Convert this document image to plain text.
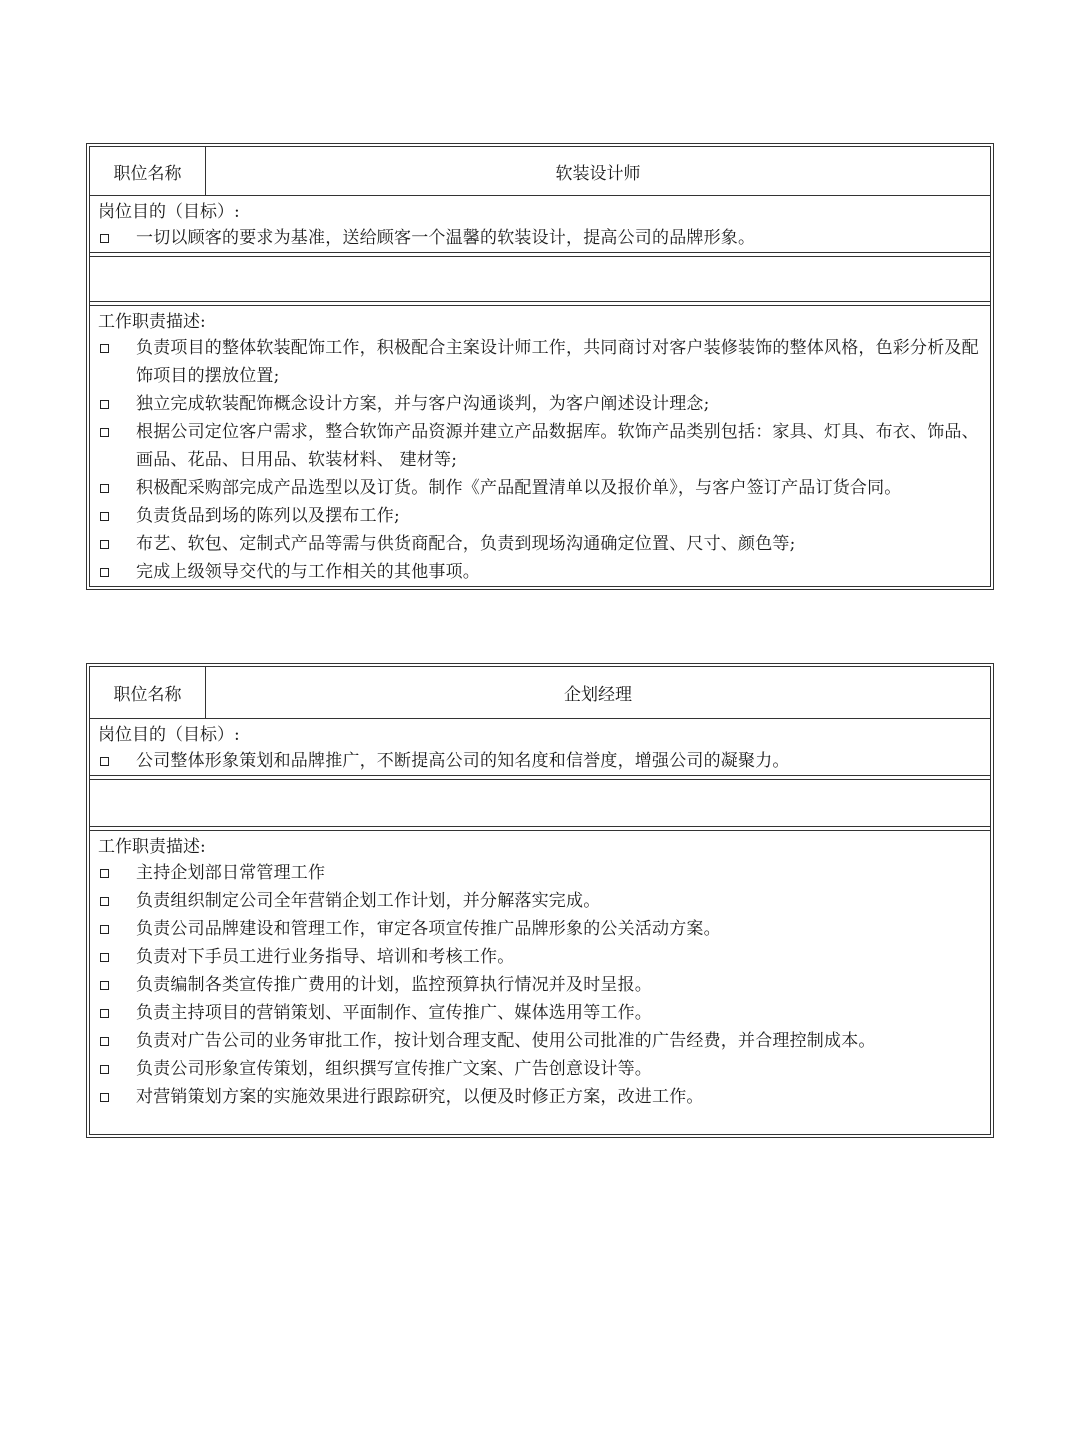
职位名称	软装设计师
岗位目的（目标）:
一切以顾客的要求为基准，送给顾客一个温馨的软装设计，提高公司的品牌形象。
工作职责描述:
负责项目的整体软装配饰工作，积极配合主案设计师工作，共同商讨对客户装修装饰的整体风格，色彩分析及配饰项目的摆放位置;
独立完成软装配饰概念设计方案，并与客户沟通谈判，为客户阐述设计理念;
根据公司定位客户需求，整合软饰产品资源并建立产品数据库。软饰产品类别包括：家具、灯具、布衣、饰品、画品、花品、日用品、软装材料、 建材等;
积极配采购部完成产品选型以及订货。制作《产品配置清单以及报价单》，与客户签订产品订货合同。
负责货品到场的陈列以及摆布工作;
布艺、软包、定制式产品等需与供货商配合，负责到现场沟通确定位置、尺寸、颜色等;
完成上级领导交代的与工作相关的其他事项。
职位名称	企划经理
岗位目的（目标）:
公司整体形象策划和品牌推广，不断提高公司的知名度和信誉度，增强公司的凝聚力。
工作职责描述:
主持企划部日常管理工作
负责组织制定公司全年营销企划工作计划，并分解落实完成。
负责公司品牌建设和管理工作，审定各项宣传推广品牌形象的公关活动方案。
负责对下手员工进行业务指导、培训和考核工作。
负责编制各类宣传推广费用的计划，监控预算执行情况并及时呈报。
负责主持项目的营销策划、平面制作、宣传推广、媒体选用等工作。
负责对广告公司的业务审批工作，按计划合理支配、使用公司批准的广告经费，并合理控制成本。
负责公司形象宣传策划，组织撰写宣传推广文案、广告创意设计等。
对营销策划方案的实施效果进行跟踪研究，以便及时修正方案，改进工作。
